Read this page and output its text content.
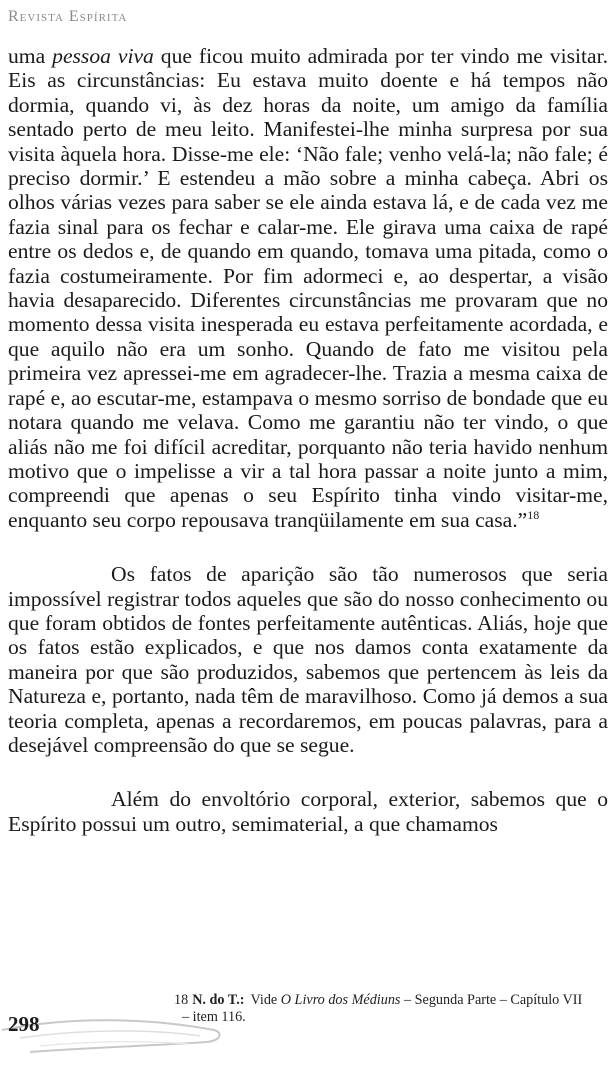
Revista Espírita

uma pessoa viva que ficou muito admirada por ter vindo me visitar. Eis as circunstâncias: Eu estava muito doente e há tempos não dormia, quando vi, às dez horas da noite, um amigo da família sentado perto de meu leito. Manifestei-lhe minha surpresa por sua visita àquela hora. Disse-me ele: ‘Não fale; venho velá-la; não fale; é preciso dormir.’ E estendeu a mão sobre a minha cabeça. Abri os olhos várias vezes para saber se ele ainda estava lá, e de cada vez me fazia sinal para os fechar e calar-me. Ele girava uma caixa de rapé entre os dedos e, de quando em quando, tomava uma pitada, como o fazia costumeiramente. Por fim adormeci e, ao despertar, a visão havia desaparecido. Diferentes circunstâncias me provaram que no momento dessa visita inesperada eu estava perfeitamente acordada, e que aquilo não era um sonho. Quando de fato me visitou pela primeira vez apressei-me em agradecer-lhe. Trazia a mesma caixa de rapé e, ao escutar-me, estampava o mesmo sorriso de bondade que eu notara quando me velava. Como me garantiu não ter vindo, o que aliás não me foi difícil acreditar, porquanto não teria havido nenhum motivo que o impelisse a vir a tal hora passar a noite junto a mim, compreendi que apenas o seu Espírito tinha vindo visitar-me, enquanto seu corpo repousava tranqüilamente em sua casa.”$^{18}$

Os fatos de aparição são tão numerosos que seria impossível registrar todos aqueles que são do nosso conhecimento ou que foram obtidos de fontes perfeitamente autênticas. Aliás, hoje que os fatos estão explicados, e que nos damos conta exatamente da maneira por que são produzidos, sabemos que pertencem às leis da Natureza e, portanto, nada têm de maravilhoso. Como já demos a sua teoria completa, apenas a recordaremos, em poucas palavras, para a desejável compreensão do que se segue.

Além do envoltório corporal, exterior, sabemos que o Espírito possui um outro, semimaterial, a que chamamos

18 N. do T.: Vide O Livro dos Médiuns – Segunda Parte – Capítulo VII
– item 116.
298
